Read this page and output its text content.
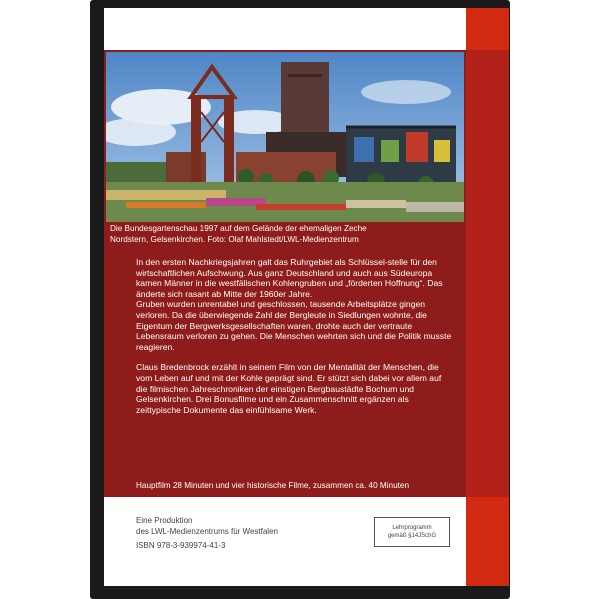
Die Bundesgartenschau 1997 auf dem Gelände der ehemaligen Zeche
Nordstern, Gelsenkirchen. Foto: Olaf Mahlstedt/LWL-Medienzentrum

In den ersten Nachkriegsjahren galt das Ruhrgebiet als Schlüssel-stelle für den wirtschaftlichen Aufschwung. Aus ganz Deutschland und auch aus Südeuropa kamen Männer in die westfälischen Kohlengruben und „förderten Hoffnung“. Das änderte sich rasant ab Mitte der 1960er Jahre.

Gruben wurden unrentabel und geschlossen, tausende Arbeitsplätze gingen verloren. Da die überwiegende Zahl der Bergleute in Siedlungen wohnte, die Eigentum der Bergwerksgesellschaften waren, drohte auch der vertraute Lebensraum verloren zu gehen. Die Menschen wehrten sich und die Politik musste reagieren.

Claus Bredenbrock erzählt in seinem Film von der Mentalität der Menschen, die vom Leben auf und mit der Kohle geprägt sind. Er stützt sich dabei vor allem auf die filmischen Jahreschroniken der einstigen Bergbaustädte Bochum und Gelsenkirchen. Drei Bonusfilme und ein Zusammenschnitt ergänzen als zeittypische Dokumente das einfühlsame Werk.

Hauptfilm 28 Minuten und vier historische Filme, zusammen ca. 40 Minuten
Eine Produktion
des LWL-Medienzentrums für Westfalen
ISBN 978-3-939974-41-3
Lehrprogramm
gemäß §14JSchG
